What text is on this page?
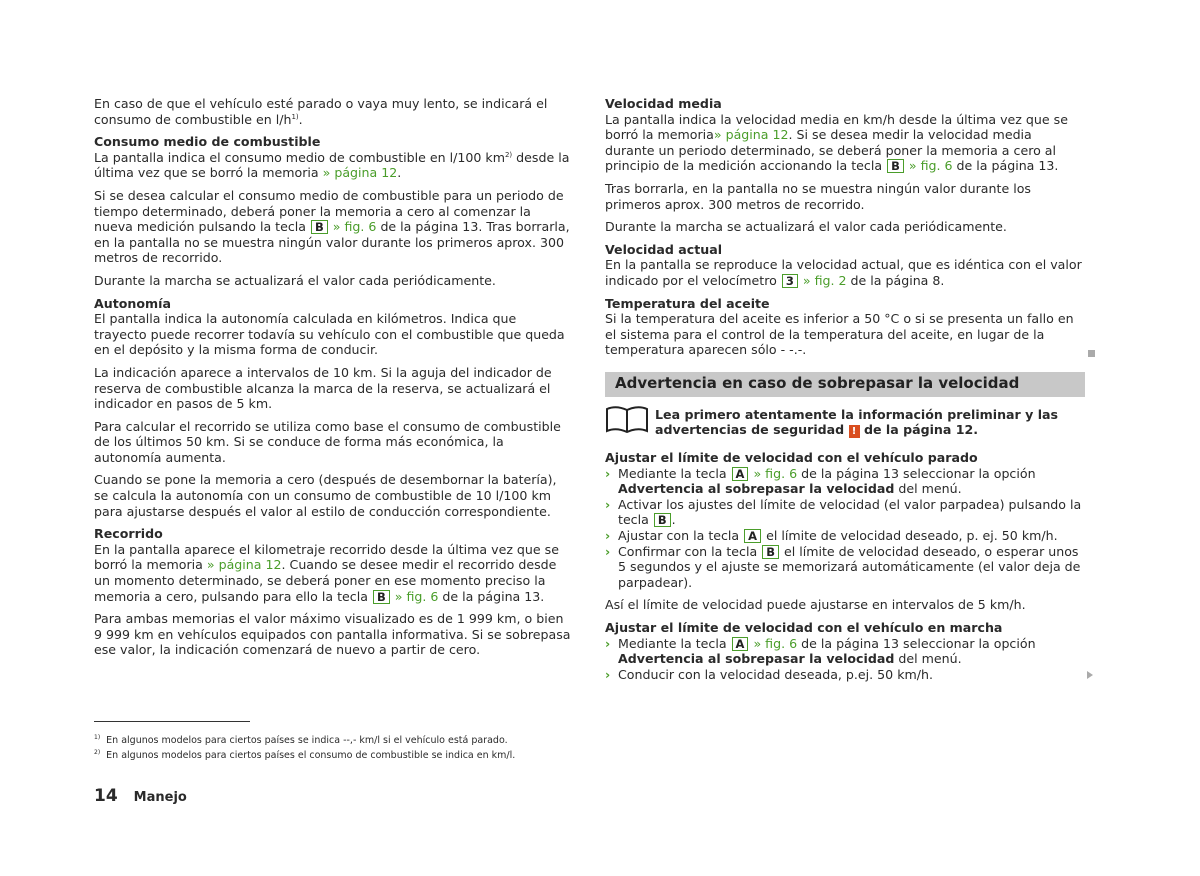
En caso de que el vehículo esté parado o vaya muy lento, se indicará el consumo de combustible en $l/h^{1)}$.

Consumo medio de combustible

La pantalla indica el consumo medio de combustible en l/100 $km^{2)}$ desde la última vez que se borró la memoria » página 12.

Si se desea calcular el consumo medio de combustible para un periodo de tiempo determinado, deberá poner la memoria a cero al comenzar la nueva medición pulsando la tecla B » fig. 6 de la página 13. Tras borrarla, en la pantalla no se muestra ningún valor durante los primeros aprox. 300 metros de recorrido.

Durante la marcha se actualizará el valor cada periódicamente.

Autonomía

El pantalla indica la autonomía calculada en kilómetros. Indica que trayecto puede recorrer todavía su vehículo con el combustible que queda en el depósito y la misma forma de conducir.

La indicación aparece a intervalos de 10 km. Si la aguja del indicador de reserva de combustible alcanza la marca de la reserva, se actualizará el indicador en pasos de 5 km.

Para calcular el recorrido se utiliza como base el consumo de combustible de los últimos 50 km. Si se conduce de forma más económica, la autonomía aumenta.

Cuando se pone la memoria a cero (después de desembornar la batería), se calcula la autonomía con un consumo de combustible de 10 l/100 km para ajustarse después el valor al estilo de conducción correspondiente.

Recorrido

En la pantalla aparece el kilometraje recorrido desde la última vez que se borró la memoria » página 12. Cuando se desee medir el recorrido desde un momento determinado, se deberá poner en ese momento preciso la memoria a cero, pulsando para ello la tecla B » fig. 6 de la página 13.

Para ambas memorias el valor máximo visualizado es de 1 999 km, o bien 9 999 km en vehículos equipados con pantalla informativa. Si se sobrepasa ese valor, la indicación comenzará de nuevo a partir de cero.

Velocidad media

La pantalla indica la velocidad media en km/h desde la última vez que se borró la memoria» página 12. Si se desea medir la velocidad media durante un periodo determinado, se deberá poner la memoria a cero al principio de la medición accionando la tecla B » fig. 6 de la página 13.

Tras borrarla, en la pantalla no se muestra ningún valor durante los primeros aprox. 300 metros de recorrido.

Durante la marcha se actualizará el valor cada periódicamente.

Velocidad actual

En la pantalla se reproduce la velocidad actual, que es idéntica con el valor indicado por el velocímetro 3 » fig. 2 de la página 8.

Temperatura del aceite

Si la temperatura del aceite es inferior a 50 °C o si se presenta un fallo en el sistema para el control de la temperatura del aceite, en lugar de la temperatura aparecen sólo - -.-.

Advertencia en caso de sobrepasar la velocidad
Lea primero atentamente la información preliminar y las advertencias de seguridad ! de la página 12.
Ajustar el límite de velocidad con el vehículo parado
› Mediante la tecla A » fig. 6 de la página 13 seleccionar la opción Advertencia al sobrepasar la velocidad del menú.
› Activar los ajustes del límite de velocidad (el valor parpadea) pulsando la tecla B .
› Ajustar con la tecla A el límite de velocidad deseado, p. ej. 50 km/h.
› Confirmar con la tecla B el límite de velocidad deseado, o esperar unos 5 segundos y el ajuste se memorizará automáticamente (el valor deja de parpadear).

Así el límite de velocidad puede ajustarse en intervalos de 5 km/h.

Ajustar el límite de velocidad con el vehículo en marcha
› Mediante la tecla A » fig. 6 de la página 13 seleccionar la opción Advertencia al sobrepasar la velocidad del menú.
› Conducir con la velocidad deseada, p.ej. 50 km/h.
$^{1)}$ En algunos modelos para ciertos países se indica --,- km/l si el vehículo está parado.
$^{2)}$ En algunos modelos para ciertos países el consumo de combustible se indica en km/l.
14 Manejo
